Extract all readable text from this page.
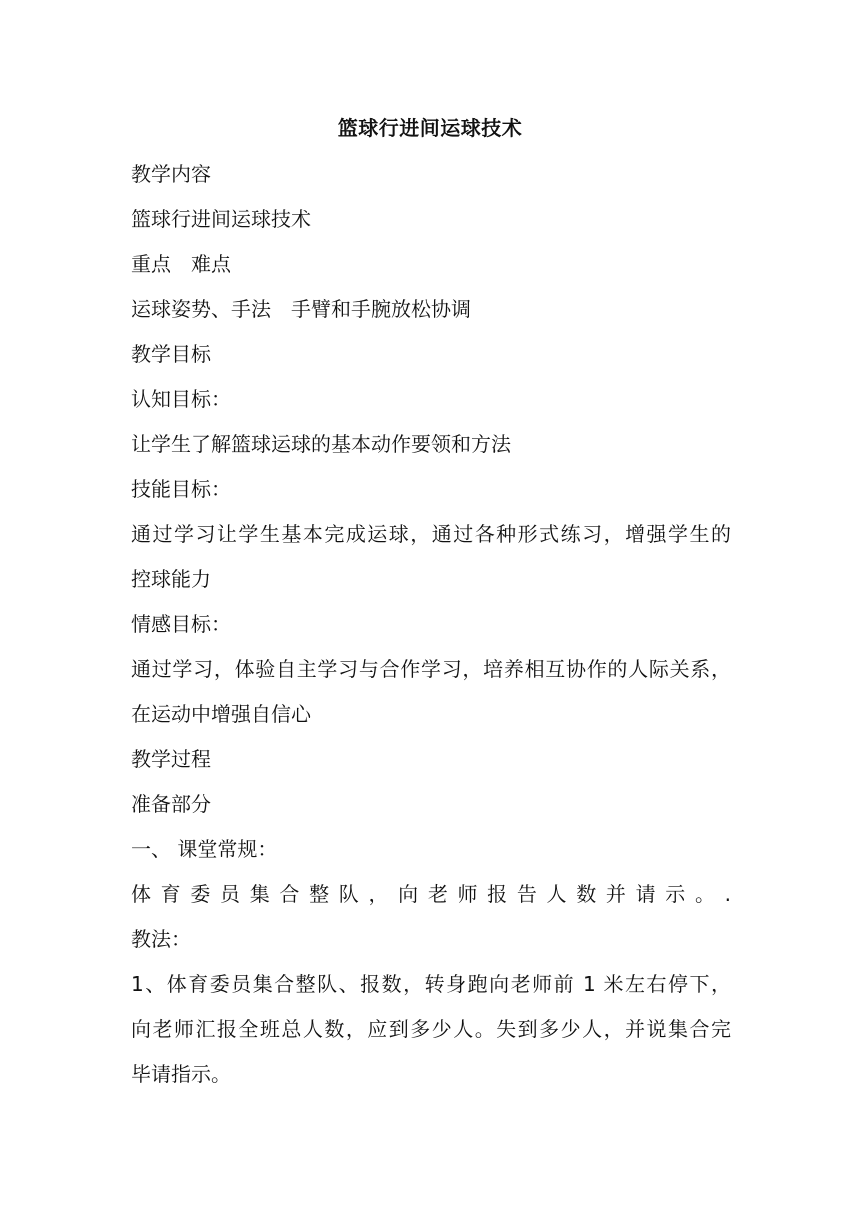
篮球行进间运球技术
教学内容
篮球行进间运球技术
重点　难点
运球姿势、手法　手臂和手腕放松协调
教学目标
认知目标：
让学生了解篮球运球的基本动作要领和方法
技能目标：
通过学习让学生基本完成运球，通过各种形式练习，增强学生的
控球能力
情感目标：
通过学习，体验自主学习与合作学习，培养相互协作的人际关系，
在运动中增强自信心
教学过程
准备部分
一、 课堂常规：
体 育 委 员 集 合 整 队 ， 向 老 师 报 告 人 数 并 请 示 。 .
教法：
1、体育委员集合整队、报数，转身跑向老师前 1 米左右停下，
向老师汇报全班总人数，应到多少人。失到多少人，并说集合完
毕请指示。
